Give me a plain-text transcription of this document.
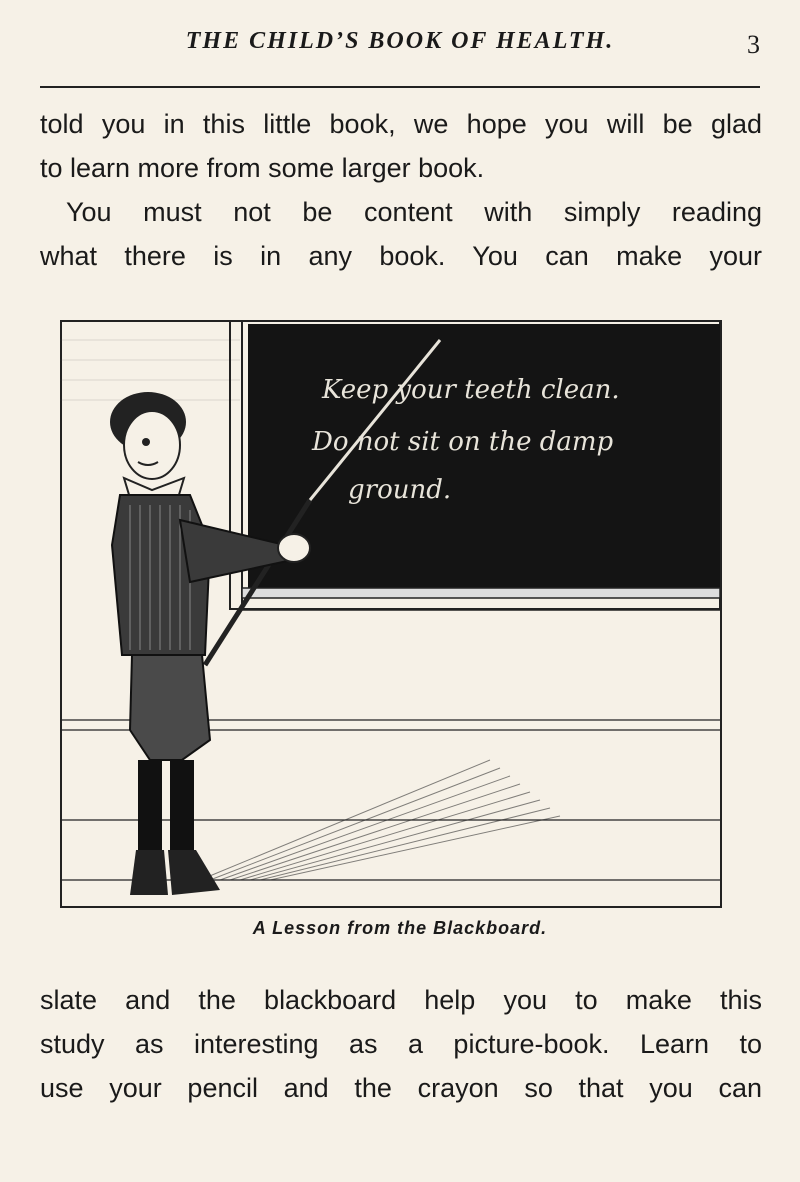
THE CHILD’S BOOK OF HEALTH.	3
told you in this little book, we hope you will be glad
to learn more from some larger book.
You must not be content with simply reading
what there is in any book. You can make your
Keep your teeth clean.
Do not sit on the damp
ground.
A Lesson from the Blackboard.
slate and the blackboard help you to make this
study as interesting as a picture-book. Learn to
use your pencil and the crayon so that you can
